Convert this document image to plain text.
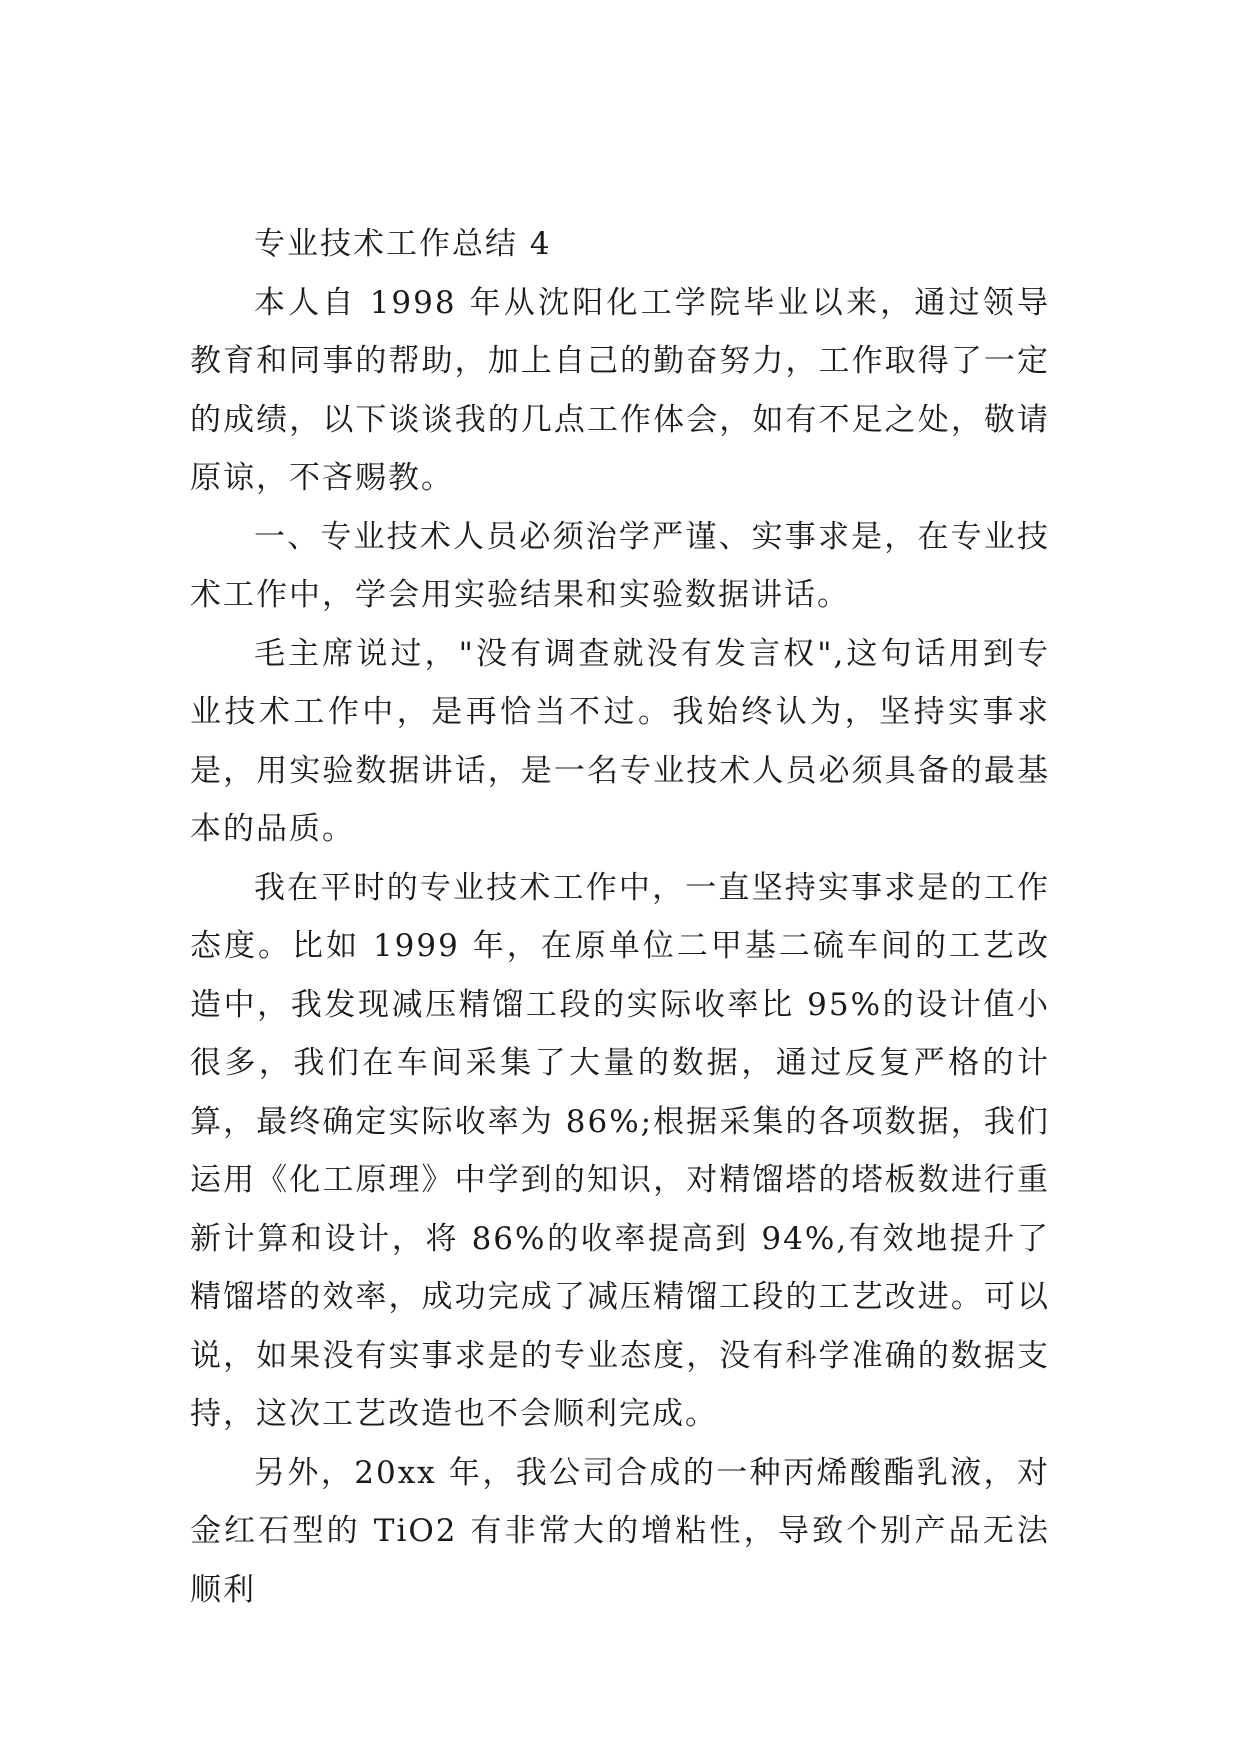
专业技术工作总结 4

本人自 1998 年从沈阳化工学院毕业以来，通过领导教育和同事的帮助，加上自己的勤奋努力，工作取得了一定的成绩，以下谈谈我的几点工作体会，如有不足之处，敬请原谅，不吝赐教。

一、专业技术人员必须治学严谨、实事求是，在专业技术工作中，学会用实验结果和实验数据讲话。

毛主席说过，"没有调查就没有发言权",这句话用到专业技术工作中，是再恰当不过。我始终认为，坚持实事求是，用实验数据讲话，是一名专业技术人员必须具备的最基本的品质。

我在平时的专业技术工作中，一直坚持实事求是的工作态度。比如 1999 年，在原单位二甲基二硫车间的工艺改造中，我发现减压精馏工段的实际收率比 95%的设计值小很多，我们在车间采集了大量的数据，通过反复严格的计算，最终确定实际收率为 86%;根据采集的各项数据，我们运用《化工原理》中学到的知识，对精馏塔的塔板数进行重新计算和设计，将 86%的收率提高到 94%,有效地提升了精馏塔的效率，成功完成了减压精馏工段的工艺改进。可以说，如果没有实事求是的专业态度，没有科学准确的数据支持，这次工艺改造也不会顺利完成。

另外，20xx 年，我公司合成的一种丙烯酸酯乳液，对金红石型的 TiO2 有非常大的增粘性，导致个别产品无法顺利
